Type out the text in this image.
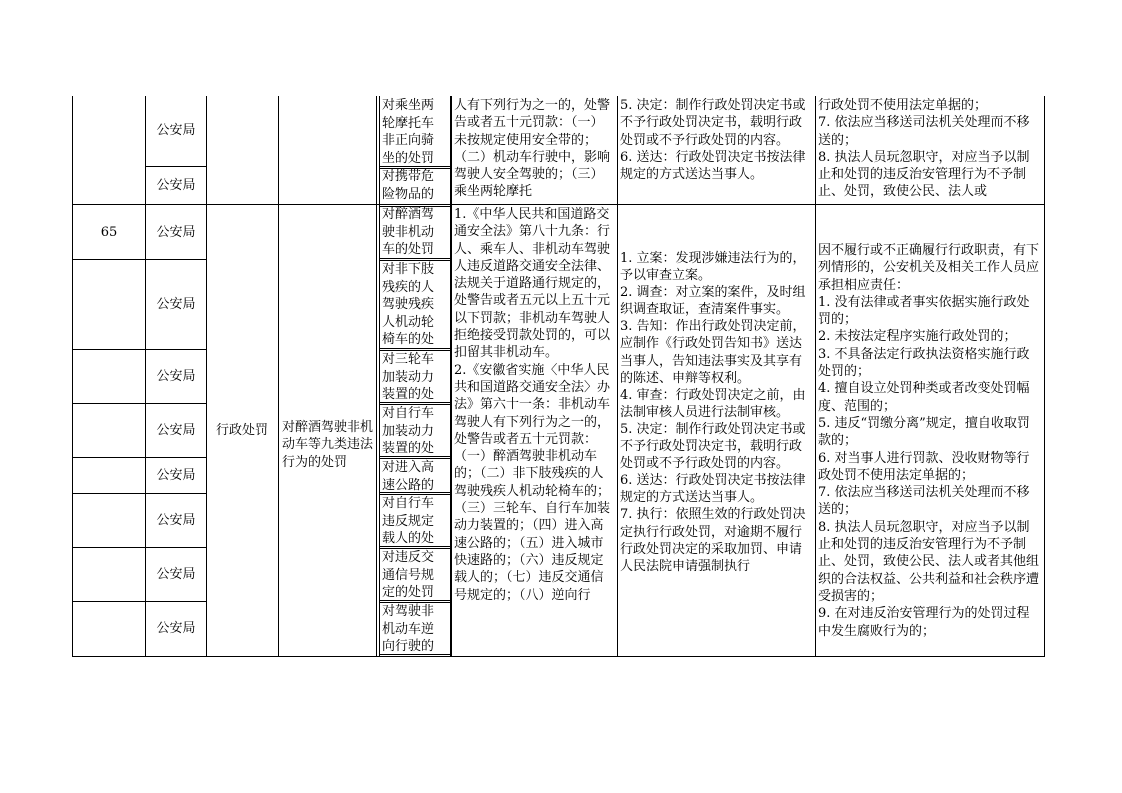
公安局
公安局
对乘坐两轮摩托车非正向骑坐的处罚
对携带危险物品的
人有下列行为之一的，处警告或者五十元罚款：（一）未按规定使用安全带的；（二）机动车行驶中，影响驾驶人安全驾驶的；（三）乘坐两轮摩托
5. 决定：制作行政处罚决定书或不予行政处罚决定书，载明行政处罚或不予行政处罚的内容。
6. 送达：行政处罚决定书按法律规定的方式送达当事人。
行政处罚不使用法定单据的；
7. 依法应当移送司法机关处理而不移送的；
8. 执法人员玩忽职守，对应当予以制止和处罚的违反治安管理行为不予制止、处罚，致使公民、法人或
65	公安局
公安局
公安局
公安局
公安局
公安局
公安局
公安局
行政处罚 对醉酒驾驶非机动车等九类违法行为的处罚
对醉酒驾驶非机动车的处罚
对非下肢残疾的人驾驶残疾人机动轮椅车的处
对三轮车加装动力装置的处
对自行车加装动力装置的处
对进入高速公路的
对自行车违反规定载人的处
对违反交通信号规定的处罚
对驾驶非机动车逆向行驶的
1.《中华人民共和国道路交通安全法》第八十九条：行人、乘车人、非机动车驾驶人违反道路交通安全法律、法规关于道路通行规定的，处警告或者五元以上五十元以下罚款；非机动车驾驶人拒绝接受罚款处罚的，可以扣留其非机动车。
2.《安徽省实施〈中华人民共和国道路交通安全法〉办法》第六十一条：非机动车驾驶人有下列行为之一的，处警告或者五十元罚款：（一）醉酒驾驶非机动车的；（二）非下肢残疾的人驾驶残疾人机动轮椅车的；（三）三轮车、自行车加装动力装置的；（四）进入高速公路的；（五）进入城市快速路的；（六）违反规定载人的；（七）违反交通信号规定的；（八）逆向行
1. 立案：发现涉嫌违法行为的，予以审查立案。
2. 调查：对立案的案件，及时组织调查取证，查清案件事实。
3. 告知：作出行政处罚决定前，应制作《行政处罚告知书》送达当事人，告知违法事实及其享有的陈述、申辩等权利。
4. 审查：行政处罚决定之前，由法制审核人员进行法制审核。
5. 决定：制作行政处罚决定书或不予行政处罚决定书，载明行政处罚或不予行政处罚的内容。
6. 送达：行政处罚决定书按法律规定的方式送达当事人。
7. 执行：依照生效的行政处罚决定执行行政处罚，对逾期不履行行政处罚决定的采取加罚、申请人民法院申请强制执行
因不履行或不正确履行行政职责，有下列情形的，公安机关及相关工作人员应承担相应责任：
1. 没有法律或者事实依据实施行政处罚的；
2. 未按法定程序实施行政处罚的；
3. 不具备法定行政执法资格实施行政处罚的；
4. 擅自设立处罚种类或者改变处罚幅度、范围的；
5. 违反“罚缴分离”规定，擅自收取罚款的；
6. 对当事人进行罚款、没收财物等行政处罚不使用法定单据的；
7. 依法应当移送司法机关处理而不移送的；
8. 执法人员玩忽职守，对应当予以制止和处罚的违反治安管理行为不予制止、处罚，致使公民、法人或者其他组织的合法权益、公共利益和社会秩序遭受损害的；
9. 在对违反治安管理行为的处罚过程中发生腐败行为的；
